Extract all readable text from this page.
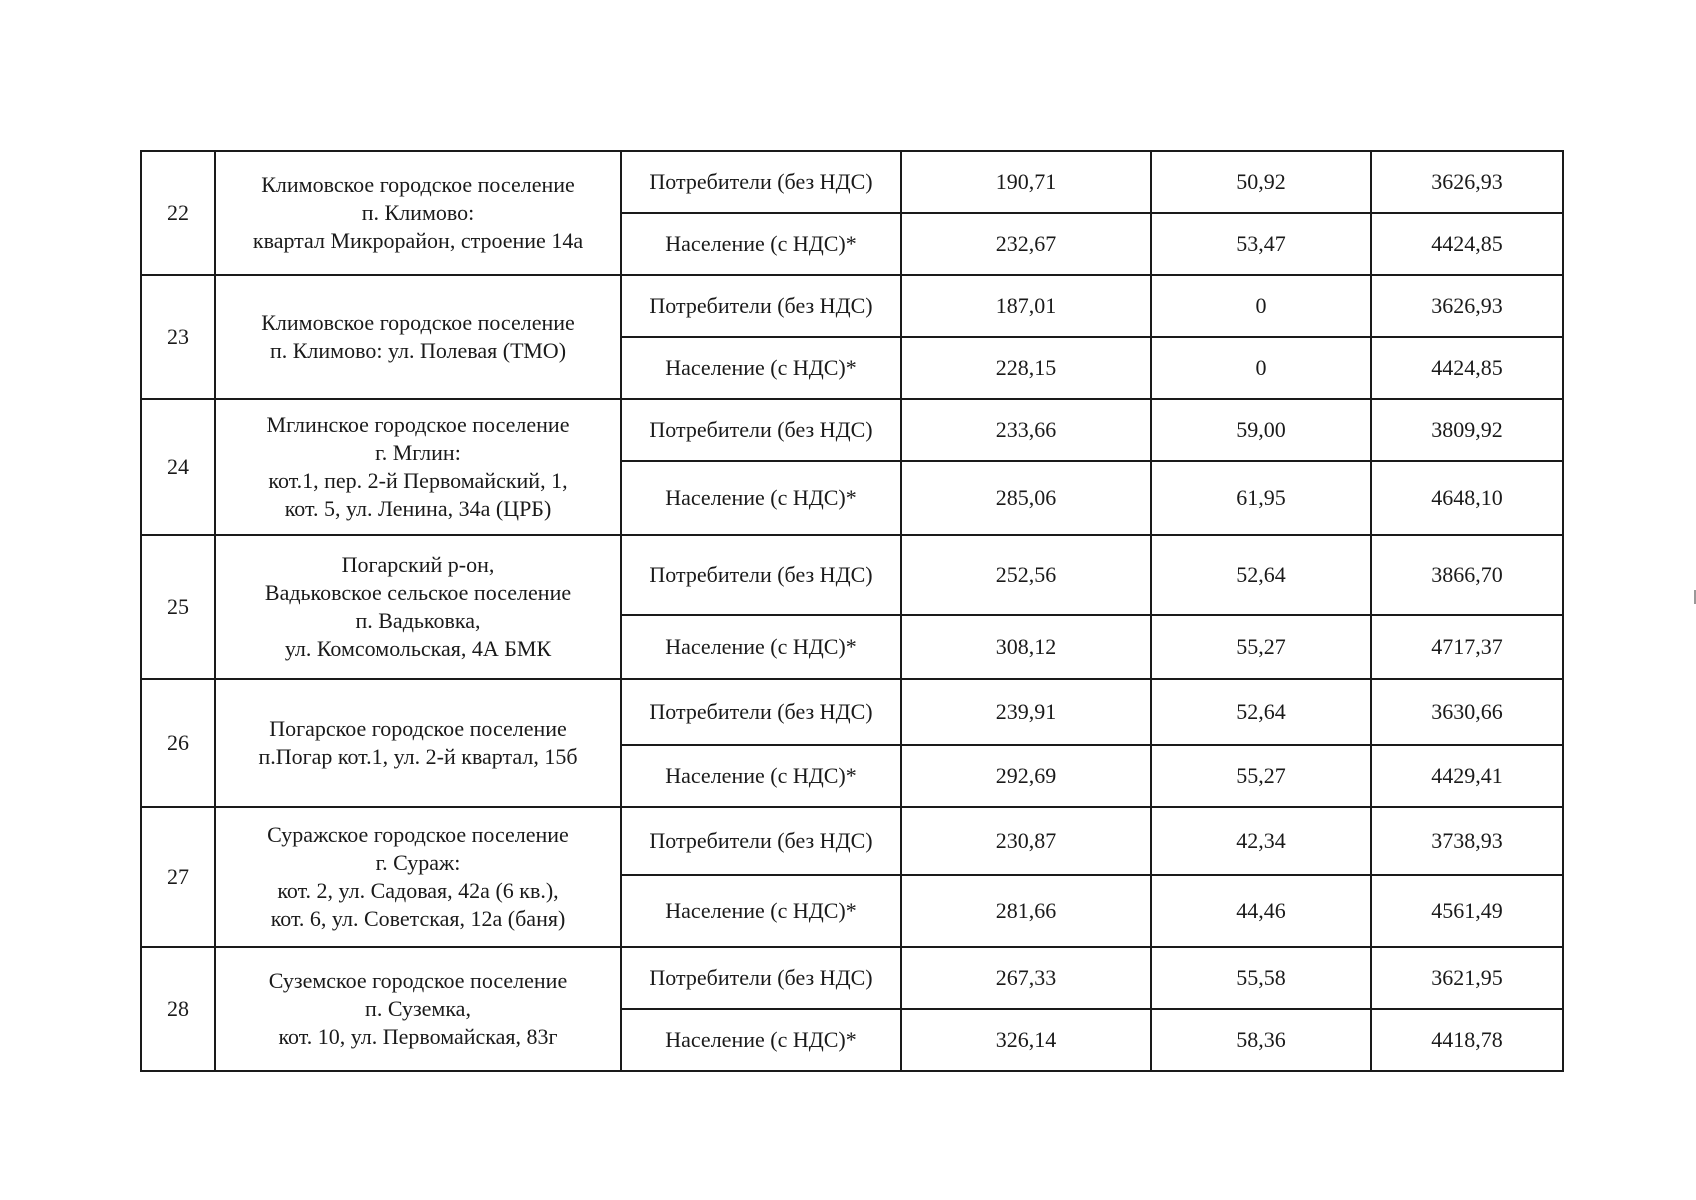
22	Климовское городское поселение
п. Климово:
квартал Микрорайон, строение 14а	Потребители (без НДС)	190,71	50,92	3626,93
		Население (с НДС)*	232,67	53,47	4424,85
23	Климовское городское поселение
п. Климово: ул. Полевая (ТМО)	Потребители (без НДС)	187,01	0	3626,93
		Население (с НДС)*	228,15	0	4424,85
24	Мглинское городское поселение
г. Мглин:
кот.1, пер. 2-й Первомайский, 1,
кот. 5, ул. Ленина, 34а (ЦРБ)	Потребители (без НДС)	233,66	59,00	3809,92
		Население (с НДС)*	285,06	61,95	4648,10
25	Погарский р-он,
Вадьковское сельское поселение
п. Вадьковка,
ул. Комсомольская, 4А БМК	Потребители (без НДС)	252,56	52,64	3866,70
		Население (с НДС)*	308,12	55,27	4717,37
26	Погарское городское поселение
п.Погар кот.1, ул. 2-й квартал, 15б	Потребители (без НДС)	239,91	52,64	3630,66
		Население (с НДС)*	292,69	55,27	4429,41
27	Суражское городское поселение
г. Сураж:
кот. 2, ул. Садовая, 42а (6 кв.),
кот. 6, ул. Советская, 12а (баня)	Потребители (без НДС)	230,87	42,34	3738,93
		Население (с НДС)*	281,66	44,46	4561,49
28	Суземское городское поселение
п. Суземка,
кот. 10, ул. Первомайская, 83г	Потребители (без НДС)	267,33	55,58	3621,95
		Население (с НДС)*	326,14	58,36	4418,78
